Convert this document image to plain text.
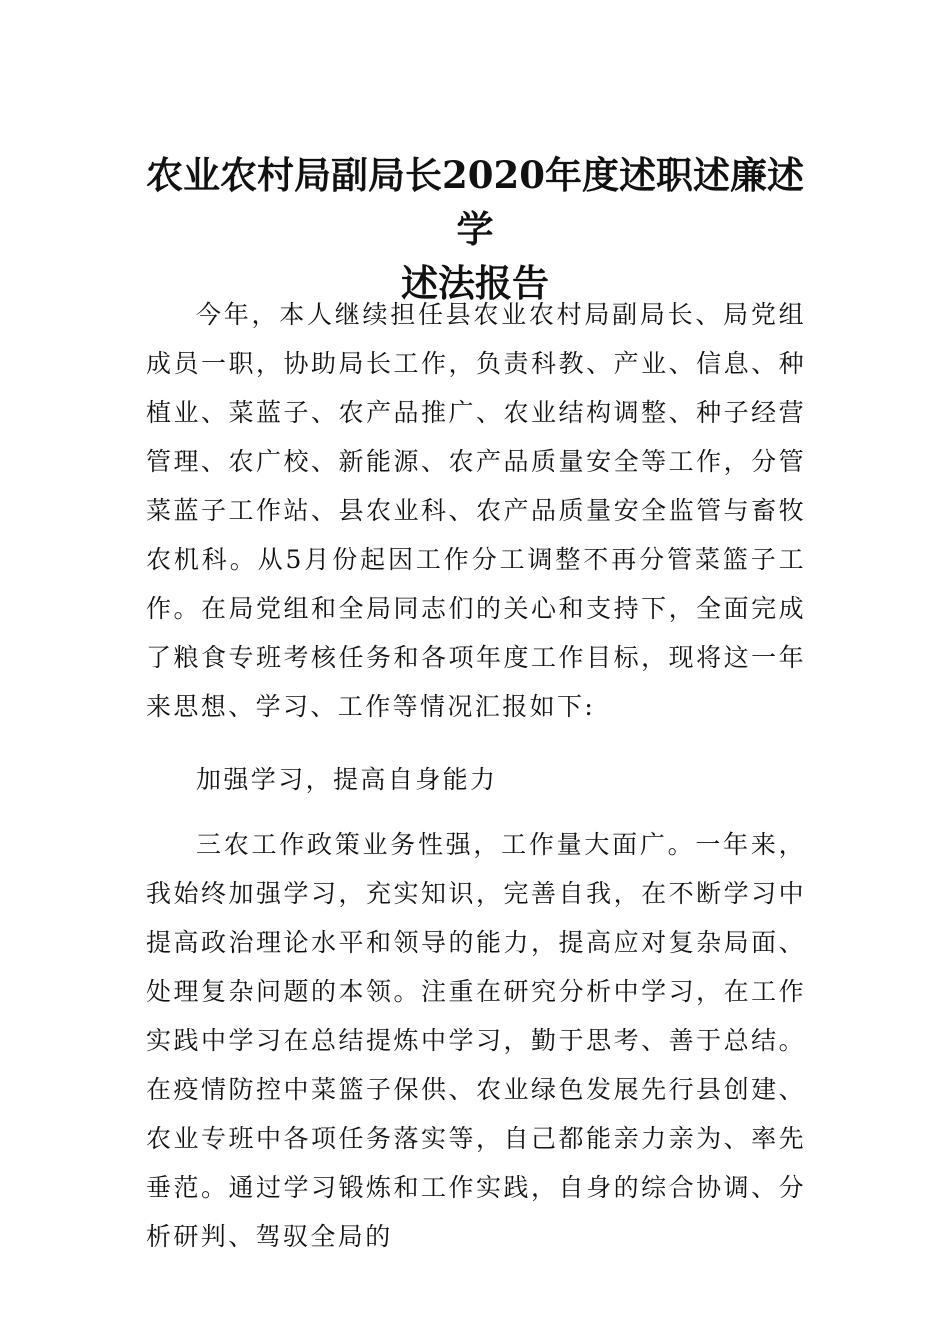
农业农村局副局长2020年度述职述廉述学
述法报告

今年，本人继续担任县农业农村局副局长、局党组成员一职，协助局长工作，负责科教、产业、信息、种植业、菜蓝子、农产品推广、农业结构调整、种子经营管理、农广校、新能源、农产品质量安全等工作，分管菜蓝子工作站、县农业科、农产品质量安全监管与畜牧农机科。从5月份起因工作分工调整不再分管菜篮子工作。在局党组和全局同志们的关心和支持下，全面完成了粮食专班考核任务和各项年度工作目标，现将这一年来思想、学习、工作等情况汇报如下:

加强学习，提高自身能力

三农工作政策业务性强，工作量大面广。一年来，我始终加强学习，充实知识，完善自我，在不断学习中提高政治理论水平和领导的能力，提高应对复杂局面、处理复杂问题的本领。注重在研究分析中学习，在工作实践中学习在总结提炼中学习，勤于思考、善于总结。在疫情防控中菜篮子保供、农业绿色发展先行县创建、农业专班中各项任务落实等，自己都能亲力亲为、率先垂范。通过学习锻炼和工作实践，自身的综合协调、分析研判、驾驭全局的
